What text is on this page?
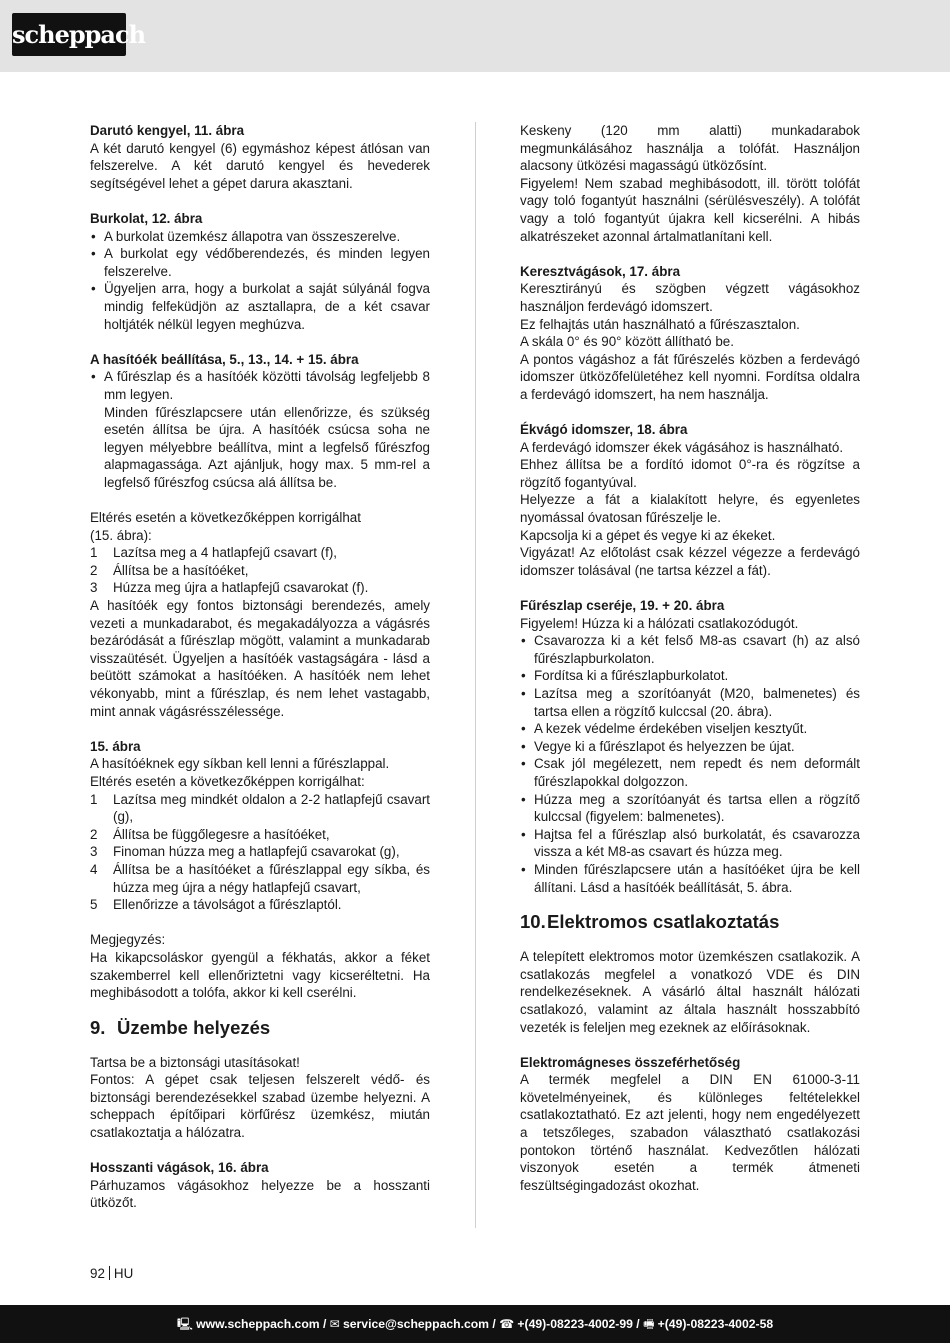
scheppach
Darutó kengyel, 11. ábra

A két darutó kengyel (6) egymáshoz képest átlósan van felszerelve. A két darutó kengyel és hevederek segítségével lehet a gépet darura akasztani.

Burkolat, 12. ábra
• A burkolat üzemkész állapotra van összeszerelve.
• A burkolat egy védőberendezés, és minden legyen felszerelve.
• Ügyeljen arra, hogy a burkolat a saját súlyánál fogva mindig felfeküdjön az asztallapra, de a két csavar holtjáték nélkül legyen meghúzva.
A hasítóék beállítása, 5., 13., 14. + 15. ábra
• A fűrészlap és a hasítóék közötti távolság legfeljebb 8 mm legyen.
Minden fűrészlapcsere után ellenőrizze, és szükség esetén állítsa be újra. A hasítóék csúcsa soha ne legyen mélyebbre beállítva, mint a legfelső fűrészfog alapmagassága. Azt ajánljuk, hogy max. 5 mm-rel a legfelső fűrészfog csúcsa alá állítsa be.

Eltérés esetén a következőképpen korrigálhat

(15. ábra):

1 Lazítsa meg a 4 hatlapfejű csavart (f),
2 Állítsa be a hasítóéket,
3 Húzza meg újra a hatlapfejű csavarokat (f).

A hasítóék egy fontos biztonsági berendezés, amely vezeti a munkadarabot, és megakadályozza a vágásrés bezáródását a fűrészlap mögött, valamint a munkadarab visszaütését. Ügyeljen a hasítóék vastagságára - lásd a beütött számokat a hasítóéken. A hasítóék nem lehet vékonyabb, mint a fűrészlap, és nem lehet vastagabb, mint annak vágásrésszélessége.

15. ábra

A hasítóéknek egy síkban kell lenni a fűrészlappal.

Eltérés esetén a következőképpen korrigálhat:

1 Lazítsa meg mindkét oldalon a 2-2 hatlapfejű csavart (g),
2 Állítsa be függőlegesre a hasítóéket,
3 Finoman húzza meg a hatlapfejű csavarokat (g),
4 Állítsa be a hasítóéket a fűrészlappal egy síkba, és húzza meg újra a négy hatlapfejű csavart,
5 Ellenőrizze a távolságot a fűrészlaptól.

Megjegyzés:

Ha kikapcsoláskor gyengül a fékhatás, akkor a féket szakemberrel kell ellenőriztetni vagy kicseréltetni. Ha meghibásodott a tolófa, akkor ki kell cserélni.

9. Üzembe helyezés

Tartsa be a biztonsági utasításokat!

Fontos: A gépet csak teljesen felszerelt védő- és biztonsági berendezésekkel szabad üzembe helyezni. A scheppach építőipari körfűrész üzemkész, miután csatlakoztatja a hálózatra.

Hosszanti vágások, 16. ábra

Párhuzamos vágásokhoz helyezze be a hosszanti ütközőt.

Keskeny (120 mm alatti) munkadarabok megmunkálásához használja a tolófát. Használjon alacsony ütközési magasságú ütközősínt.

Figyelem! Nem szabad meghibásodott, ill. törött tolófát vagy toló fogantyút használni (sérülésveszély). A tolófát vagy a toló fogantyút újakra kell kicserélni. A hibás alkatrészeket azonnal ártalmatlanítani kell.

Keresztvágások, 17. ábra

Keresztirányú és szögben végzett vágásokhoz használjon ferdevágó idomszert.

Ez felhajtás után használható a fűrészasztalon.

A skála 0° és 90° között állítható be.

A pontos vágáshoz a fát fűrészelés közben a ferdevágó idomszer ütközőfelületéhez kell nyomni. Fordítsa oldalra a ferdevágó idomszert, ha nem használja.

Ékvágó idomszer, 18. ábra

A ferdevágó idomszer ékek vágásához is használható.

Ehhez állítsa be a fordító idomot 0°-ra és rögzítse a rögzítő fogantyúval.

Helyezze a fát a kialakított helyre, és egyenletes nyomással óvatosan fűrészelje le.

Kapcsolja ki a gépet és vegye ki az ékeket.

Vigyázat! Az előtolást csak kézzel végezze a ferdevágó idomszer tolásával (ne tartsa kézzel a fát).

Fűrészlap cseréje, 19. + 20. ábra

Figyelem! Húzza ki a hálózati csatlakozódugót.

• Csavarozza ki a két felső M8-as csavart (h) az alsó fűrészlapburkolaton.
• Fordítsa ki a fűrészlapburkolatot.
• Lazítsa meg a szorítóanyát (M20, balmenetes) és tartsa ellen a rögzítő kulccsal (20. ábra).
• A kezek védelme érdekében viseljen kesztyűt.
• Vegye ki a fűrészlapot és helyezzen be újat.
• Csak jól megélezett, nem repedt és nem deformált fűrészlapokkal dolgozzon.
• Húzza meg a szorítóanyát és tartsa ellen a rögzítő kulccsal (figyelem: balmenetes).
• Hajtsa fel a fűrészlap alsó burkolatát, és csavarozza vissza a két M8-as csavart és húzza meg.
• Minden fűrészlapcsere után a hasítóéket újra be kell állítani. Lásd a hasítóék beállítását, 5. ábra.
10. Elektromos csatlakoztatás

A telepített elektromos motor üzemkészen csatlakozik. A csatlakozás megfelel a vonatkozó VDE és DIN rendelkezéseknek. A vásárló által használt hálózati csatlakozó, valamint az általa használt hosszabbító vezeték is feleljen meg ezeknek az előírásoknak.

Elektromágneses összeférhetőség

A termék megfelel a DIN EN 61000-3-11 követelményeinek, és különleges feltételekkel csatlakoztatható. Ez azt jelenti, hogy nem engedélyezett a tetszőleges, szabadon választható csatlakozási pontokon történő használat. Kedvezőtlen hálózati viszonyok esetén a termék átmeneti feszültségingadozást okozhat.

92 HU
🖳 www.scheppach.com / ✉ service@scheppach.com / ☎ +(49)-08223-4002-99 / 🖷 +(49)-08223-4002-58
